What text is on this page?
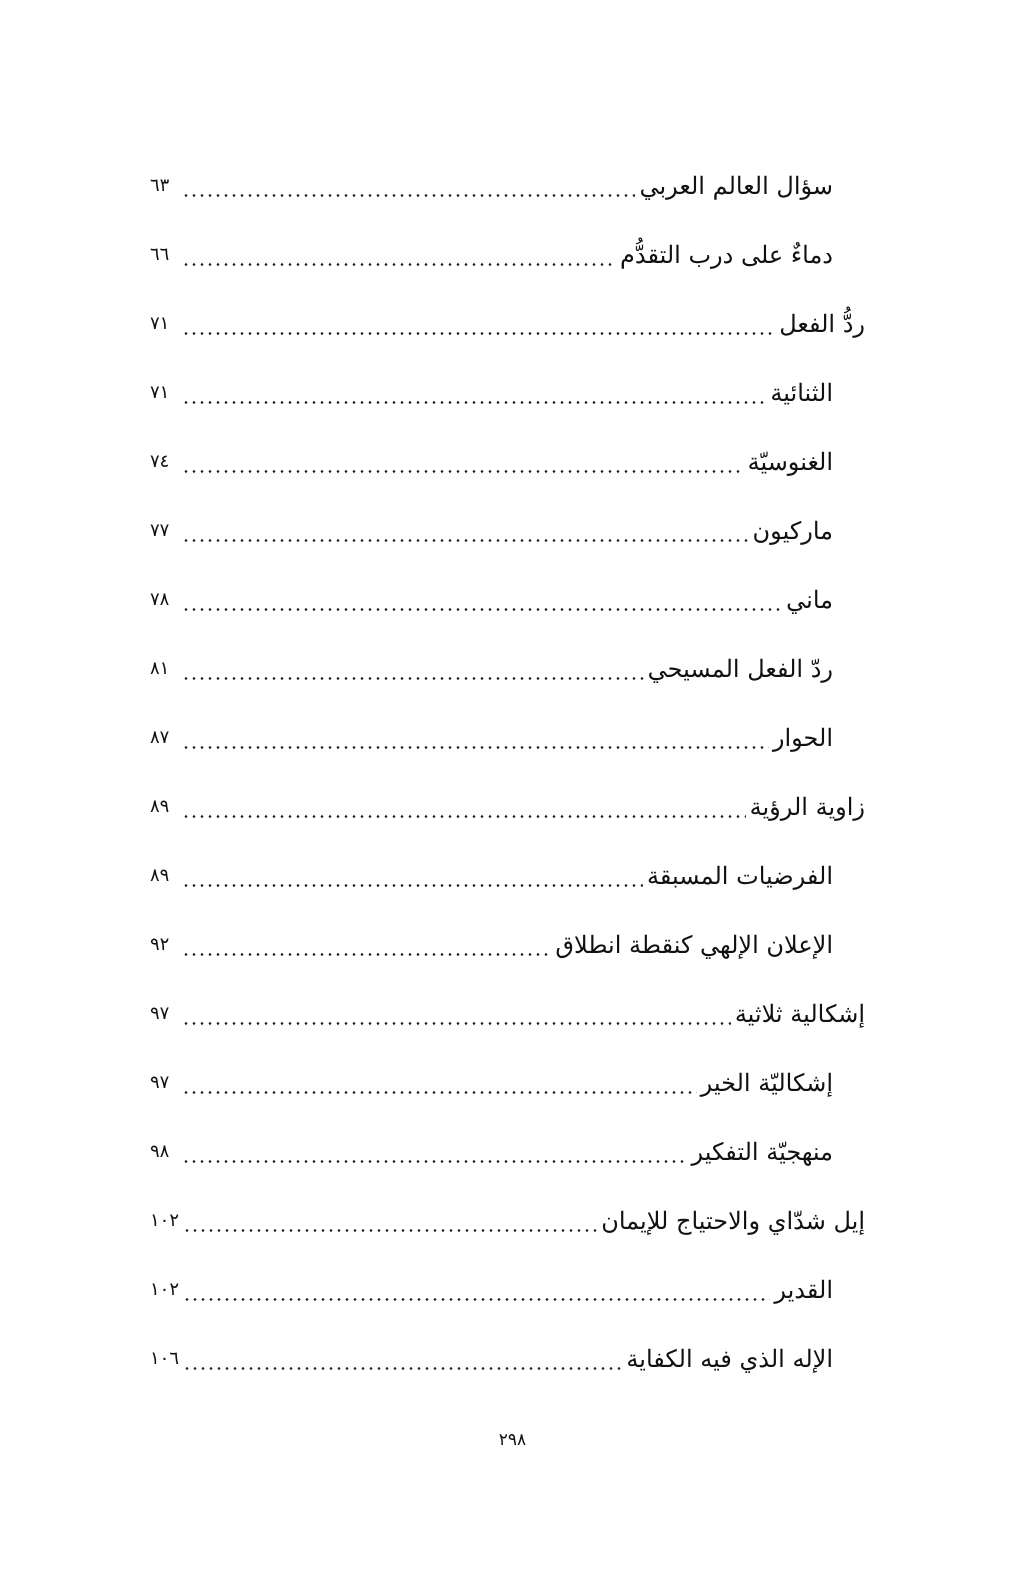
سؤال العالم العربي
٦٣
دماءٌ على درب التقدُّم
٦٦
ردُّ الفعل
٧١
الثنائية
٧١
الغنوسيّة
٧٤
ماركيون
٧٧
ماني
٧٨
ردّ الفعل المسيحي
٨١
الحوار
٨٧
زاوية الرؤية
٨٩
الفرضيات المسبقة
٨٩
الإعلان الإلهي كنقطة انطلاق
٩٢
إشكالية ثلاثية
٩٧
إشكاليّة الخير
٩٧
منهجيّة التفكير
٩٨
إيل شدّاي والاحتياج للإيمان
١٠٢
القدير
١٠٢
الإله الذي فيه الكفاية
١٠٦
٢٩٨
